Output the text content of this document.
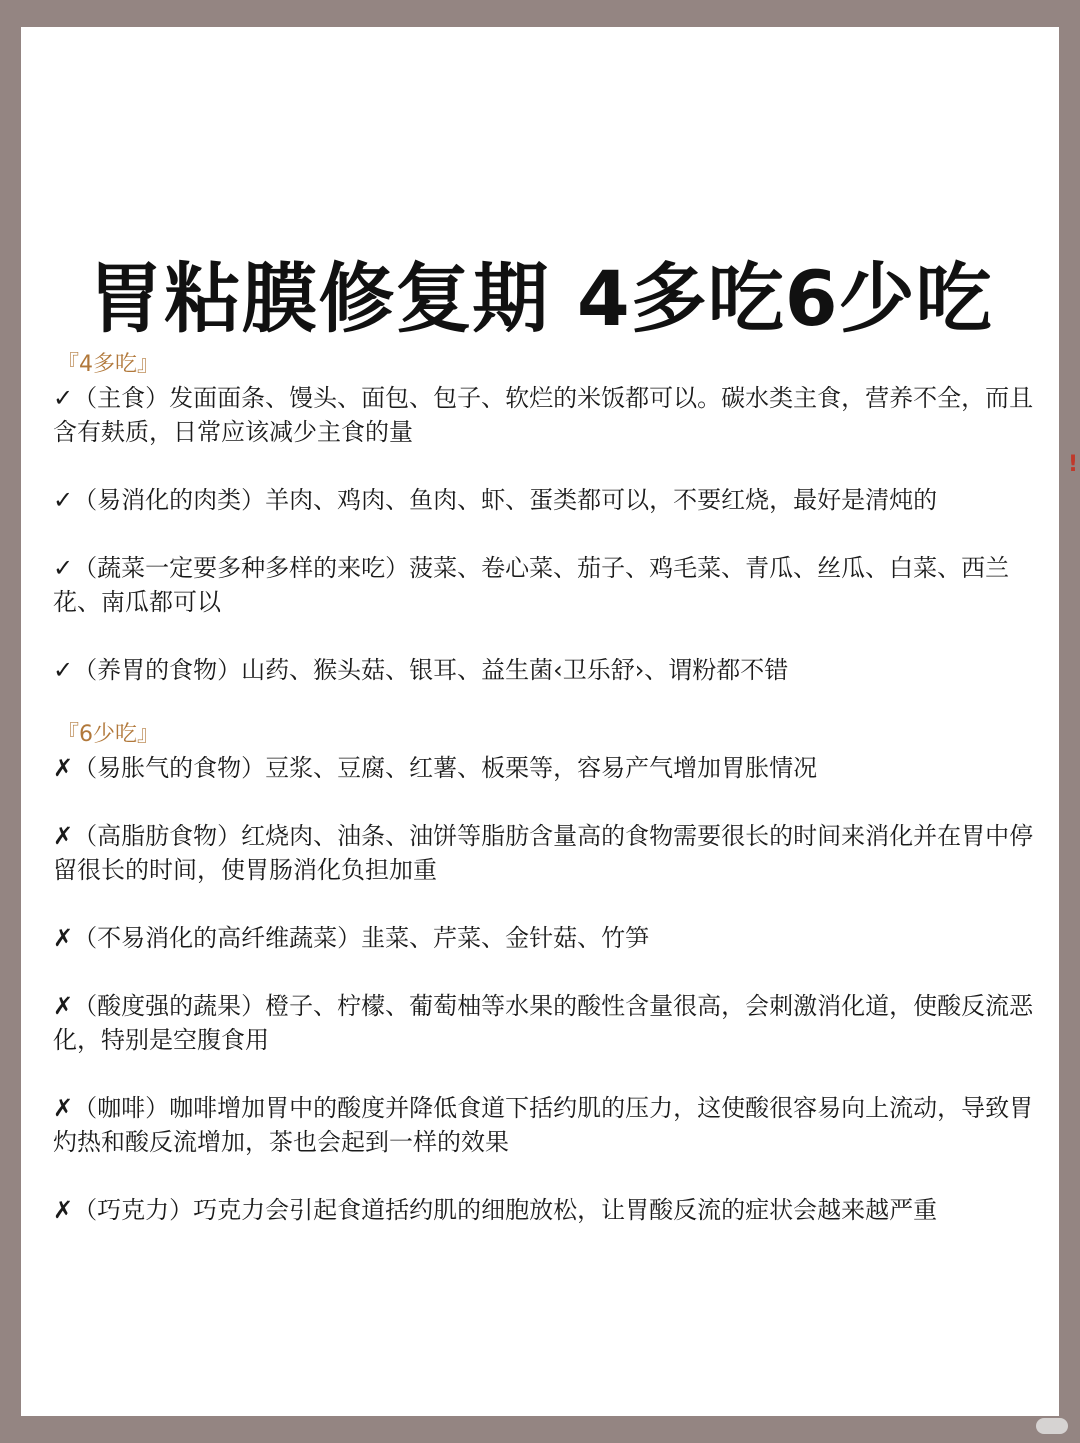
胃粘膜修复期 4多吃6少吃
『4多吃』
✓（主食）发面面条、馒头、面包、包子、软烂的米饭都可以。碳水类主食，营养不全，而且含有麸质，日常应该减少主食的量
✓（易消化的肉类）羊肉、鸡肉、鱼肉、虾、蛋类都可以，不要红烧，最好是清炖的
✓（蔬菜一定要多种多样的来吃）菠菜、卷心菜、茄子、鸡毛菜、青瓜、丝瓜、白菜、西兰花、南瓜都可以
✓（养胃的食物）山药、猴头菇、银耳、益生菌‹卫乐舒›、谓粉都不错
『6少吃』
✗（易胀气的食物）豆浆、豆腐、红薯、板栗等，容易产气增加胃胀情况
✗（高脂肪食物）红烧肉、油条、油饼等脂肪含量高的食物需要很长的时间来消化并在胃中停留很长的时间，使胃肠消化负担加重
✗（不易消化的高纤维蔬菜）韭菜、芹菜、金针菇、竹笋
✗（酸度强的蔬果）橙子、柠檬、葡萄柚等水果的酸性含量很高，会刺激消化道，使酸反流恶化，特别是空腹食用
✗（咖啡）咖啡增加胃中的酸度并降低食道下括约肌的压力，这使酸很容易向上流动，导致胃灼热和酸反流增加，茶也会起到一样的效果
✗（巧克力）巧克力会引起食道括约肌的细胞放松，让胃酸反流的症状会越来越严重
!
